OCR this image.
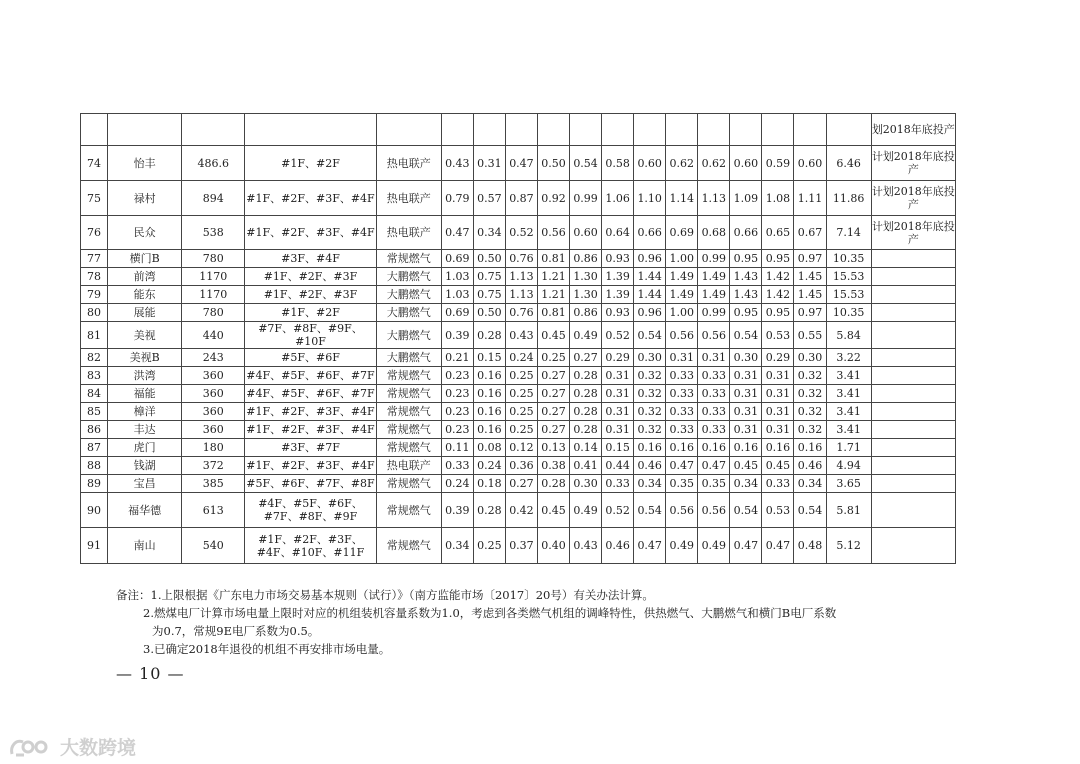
																		划2018年底投产
74	怡丰	486.6	#1F、#2F	热电联产	0.43	0.31	0.47	0.50	0.54	0.58	0.60	0.62	0.62	0.60	0.59	0.60	6.46	计划2018年底投产
75	禄村	894	#1F、#2F、#3F、#4F	热电联产	0.79	0.57	0.87	0.92	0.99	1.06	1.10	1.14	1.13	1.09	1.08	1.11	11.86	计划2018年底投产
76	民众	538	#1F、#2F、#3F、#4F	热电联产	0.47	0.34	0.52	0.56	0.60	0.64	0.66	0.69	0.68	0.66	0.65	0.67	7.14	计划2018年底投产
77	横门B	780	#3F、#4F	常规燃气	0.69	0.50	0.76	0.81	0.86	0.93	0.96	1.00	0.99	0.95	0.95	0.97	10.35	
78	前湾	1170	#1F、#2F、#3F	大鹏燃气	1.03	0.75	1.13	1.21	1.30	1.39	1.44	1.49	1.49	1.43	1.42	1.45	15.53	
79	能东	1170	#1F、#2F、#3F	大鹏燃气	1.03	0.75	1.13	1.21	1.30	1.39	1.44	1.49	1.49	1.43	1.42	1.45	15.53	
80	展能	780	#1F、#2F	大鹏燃气	0.69	0.50	0.76	0.81	0.86	0.93	0.96	1.00	0.99	0.95	0.95	0.97	10.35	
81	美视	440	#7F、#8F、#9F、#10F	大鹏燃气	0.39	0.28	0.43	0.45	0.49	0.52	0.54	0.56	0.56	0.54	0.53	0.55	5.84	
82	美视B	243	#5F、#6F	大鹏燃气	0.21	0.15	0.24	0.25	0.27	0.29	0.30	0.31	0.31	0.30	0.29	0.30	3.22	
83	洪湾	360	#4F、#5F、#6F、#7F	常规燃气	0.23	0.16	0.25	0.27	0.28	0.31	0.32	0.33	0.33	0.31	0.31	0.32	3.41	
84	福能	360	#4F、#5F、#6F、#7F	常规燃气	0.23	0.16	0.25	0.27	0.28	0.31	0.32	0.33	0.33	0.31	0.31	0.32	3.41	
85	樟洋	360	#1F、#2F、#3F、#4F	常规燃气	0.23	0.16	0.25	0.27	0.28	0.31	0.32	0.33	0.33	0.31	0.31	0.32	3.41	
86	丰达	360	#1F、#2F、#3F、#4F	常规燃气	0.23	0.16	0.25	0.27	0.28	0.31	0.32	0.33	0.33	0.31	0.31	0.32	3.41	
87	虎门	180	#3F、#7F	常规燃气	0.11	0.08	0.12	0.13	0.14	0.15	0.16	0.16	0.16	0.16	0.16	0.16	1.71	
88	钱湖	372	#1F、#2F、#3F、#4F	热电联产	0.33	0.24	0.36	0.38	0.41	0.44	0.46	0.47	0.47	0.45	0.45	0.46	4.94	
89	宝昌	385	#5F、#6F、#7F、#8F	常规燃气	0.24	0.18	0.27	0.28	0.30	0.33	0.34	0.35	0.35	0.34	0.33	0.34	3.65	
90	福华德	613	#4F、#5F、#6F、#7F、#8F、#9F	常规燃气	0.39	0.28	0.42	0.45	0.49	0.52	0.54	0.56	0.56	0.54	0.53	0.54	5.81	
91	南山	540	#1F、#2F、#3F、#4F、#10F、#11F	常规燃气	0.34	0.25	0.37	0.40	0.43	0.46	0.47	0.49	0.49	0.47	0.47	0.48	5.12	
备注：1.上限根据《广东电力市场交易基本规则（试行）》（南方监能市场〔2017〕20号）有关办法计算。
2.燃煤电厂计算市场电量上限时对应的机组装机容量系数为1.0，考虑到各类燃气机组的调峰特性，供热燃气、大鹏燃气和横门B电厂系数
为0.7，常规9E电厂系数为0.5。
3.已确定2018年退役的机组不再安排市场电量。
— 10 —
大数跨境
